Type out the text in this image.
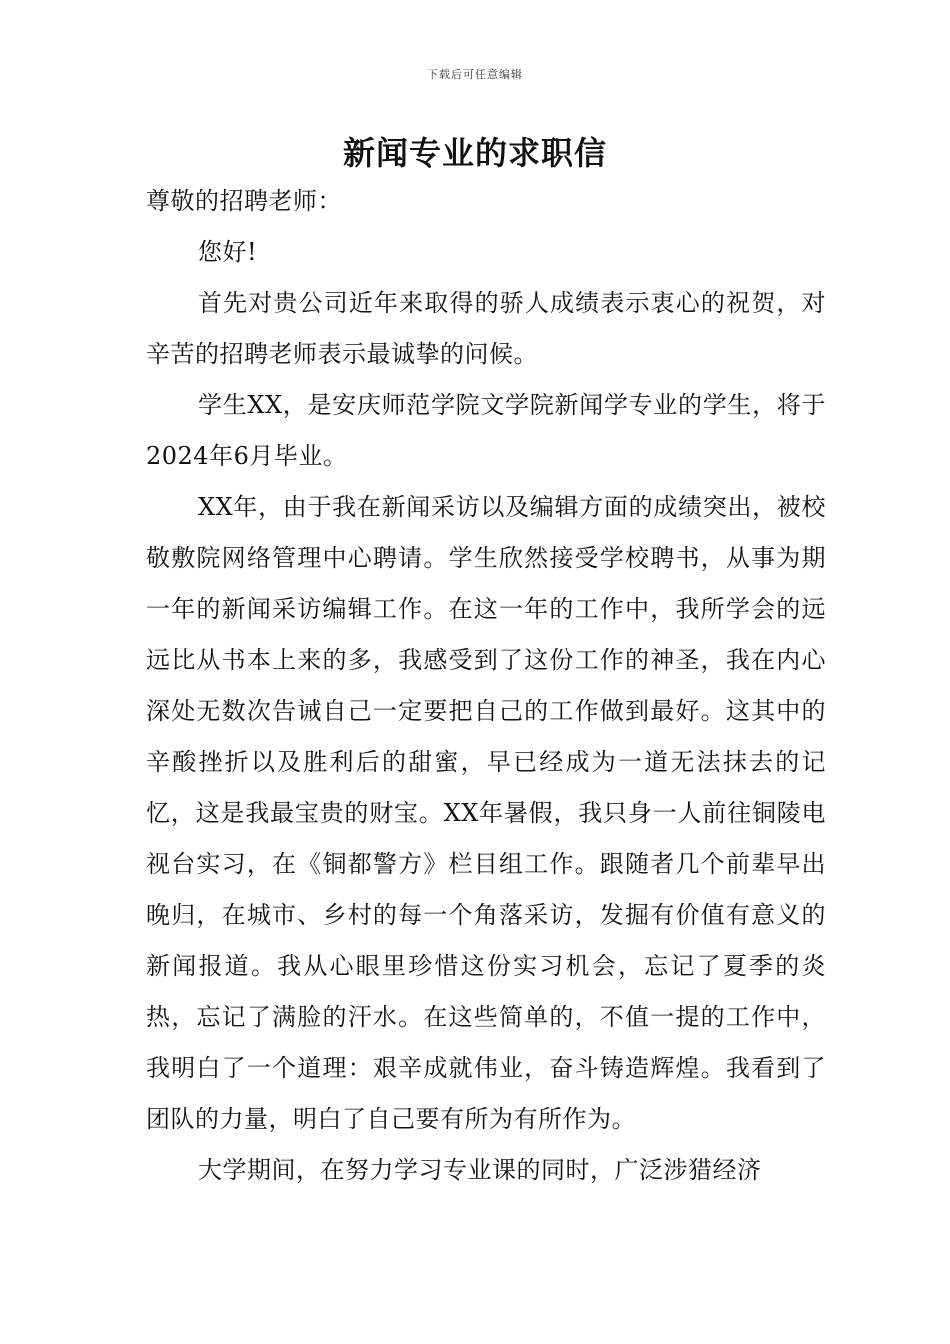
下载后可任意编辑
新闻专业的求职信

尊敬的招聘老师：

您好!

首先对贵公司近年来取得的骄人成绩表示衷心的祝贺，对辛苦的招聘老师表示最诚挚的问候。

学生XX，是安庆师范学院文学院新闻学专业的学生，将于2024年6月毕业。

XX年，由于我在新闻采访以及编辑方面的成绩突出，被校敬敷院网络管理中心聘请。学生欣然接受学校聘书，从事为期一年的新闻采访编辑工作。在这一年的工作中，我所学会的远远比从书本上来的多，我感受到了这份工作的神圣，我在内心深处无数次告诫自己一定要把自己的工作做到最好。这其中的辛酸挫折以及胜利后的甜蜜，早已经成为一道无法抹去的记忆，这是我最宝贵的财宝。XX年暑假，我只身一人前往铜陵电视台实习，在《铜都警方》栏目组工作。跟随者几个前辈早出晚归，在城市、乡村的每一个角落采访，发掘有价值有意义的新闻报道。我从心眼里珍惜这份实习机会，忘记了夏季的炎热，忘记了满脸的汗水。在这些简单的，不值一提的工作中，我明白了一个道理：艰辛成就伟业，奋斗铸造辉煌。我看到了团队的力量，明白了自己要有所为有所作为。

大学期间，在努力学习专业课的同时，广泛涉猎经济
